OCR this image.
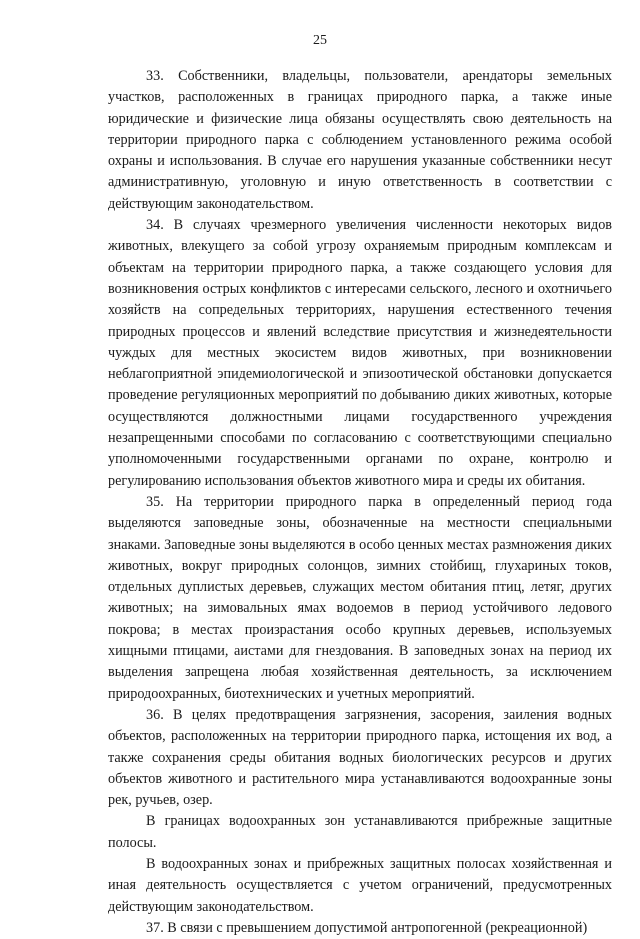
25

33. Собственники, владельцы, пользователи, арендаторы земельных участков, расположенных в границах природного парка, а также иные юридические и физические лица обязаны осуществлять свою деятельность на территории природного парка с соблюдением установленного режима особой охраны и использования. В случае его нарушения указанные собственники несут административную, уголовную и иную ответственность в соответствии с действующим законодательством.

34. В случаях чрезмерного увеличения численности некоторых видов животных, влекущего за собой угрозу охраняемым природным комплексам и объектам на территории природного парка, а также создающего условия для возникновения острых конфликтов с интересами сельского, лесного и охотничьего хозяйств на сопредельных территориях, нарушения естественного течения природных процессов и явлений вследствие присутствия и жизнедеятельности чуждых для местных экосистем видов животных, при возникновении неблагоприятной эпидемиологической и эпизоотической обстановки допускается проведение регуляционных мероприятий по добыванию диких животных, которые осуществляются должностными лицами государственного учреждения незапрещенными способами по согласованию с соответствующими специально уполномоченными государственными органами по охране, контролю и регулированию использования объектов животного мира и среды их обитания.

35. На территории природного парка в определенный период года выделяются заповедные зоны, обозначенные на местности специальными знаками. Заповедные зоны выделяются в особо ценных местах размножения диких животных, вокруг природных солонцов, зимних стойбищ, глухариных токов, отдельных дуплистых деревьев, служащих местом обитания птиц, летяг, других животных; на зимовальных ямах водоемов в период устойчивого ледового покрова; в местах произрастания особо крупных деревьев, используемых хищными птицами, аистами для гнездования. В заповедных зонах на период их выделения запрещена любая хозяйственная деятельность, за исключением природоохранных, биотехнических и учетных мероприятий.

36. В целях предотвращения загрязнения, засорения, заиления водных объектов, расположенных на территории природного парка, истощения их вод, а также сохранения среды обитания водных биологических ресурсов и других объектов животного и растительного мира устанавливаются водоохранные зоны рек, ручьев, озер.

В границах водоохранных зон устанавливаются прибрежные защитные полосы.

В водоохранных зонах и прибрежных защитных полосах хозяйственная и иная деятельность осуществляется с учетом ограничений, предусмотренных действующим законодательством.

37. В связи с превышением допустимой антропогенной (рекреационной)
